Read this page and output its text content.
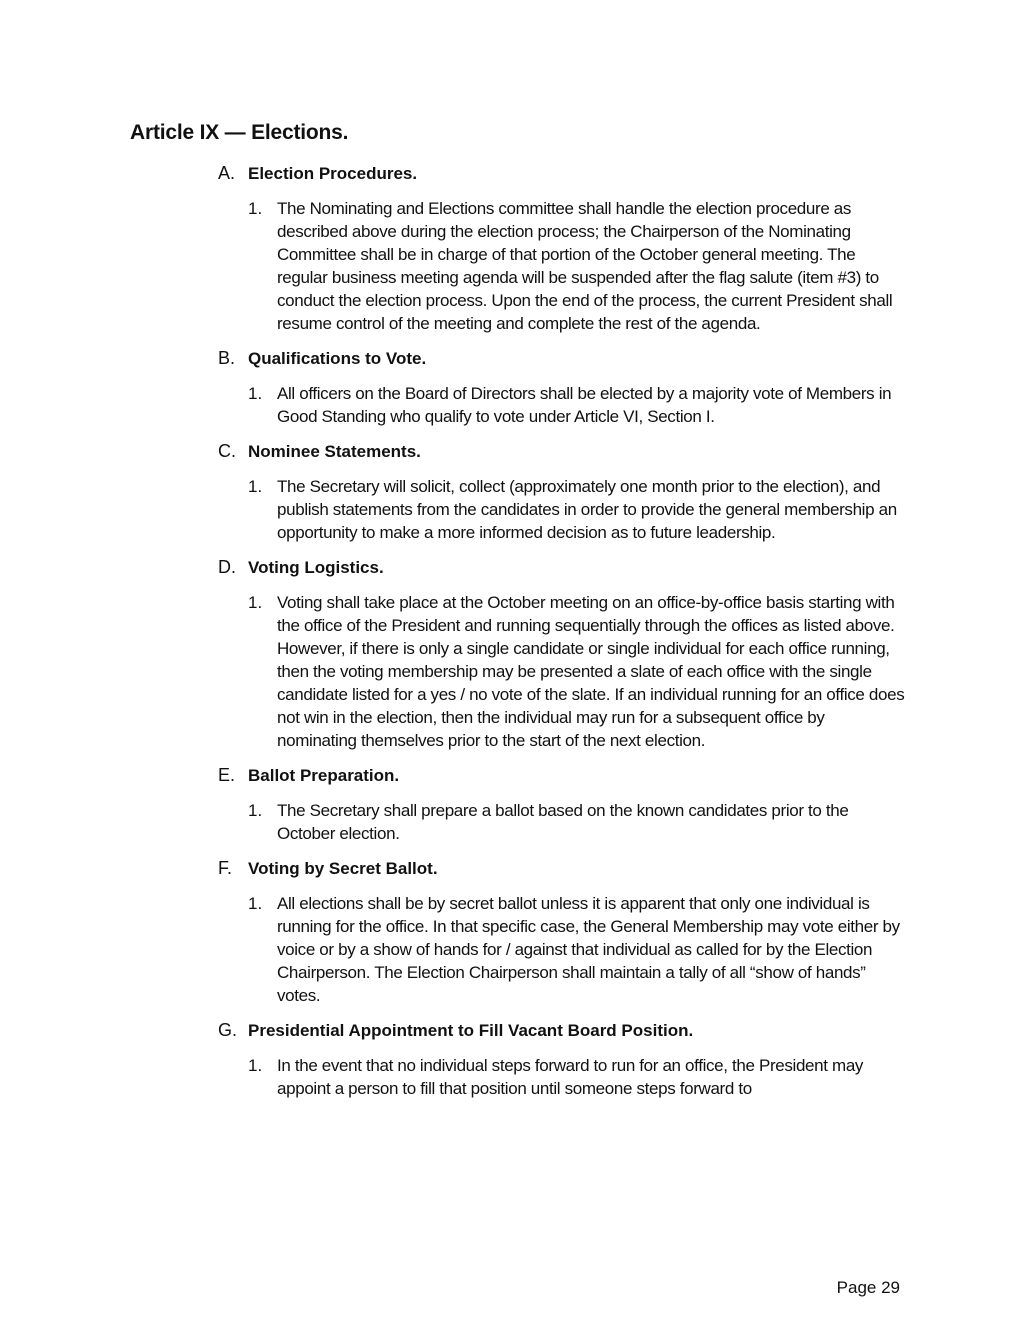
Article IX — Elections.
A. Election Procedures.
1. The Nominating and Elections committee shall handle the election procedure as described above during the election process; the Chairperson of the Nominating Committee shall be in charge of that portion of the October general meeting. The regular business meeting agenda will be suspended after the flag salute (item #3) to conduct the election process. Upon the end of the process, the current President shall resume control of the meeting and complete the rest of the agenda.
B. Qualifications to Vote.
1. All officers on the Board of Directors shall be elected by a majority vote of Members in Good Standing who qualify to vote under Article VI, Section I.
C. Nominee Statements.
1. The Secretary will solicit, collect (approximately one month prior to the election), and publish statements from the candidates in order to provide the general membership an opportunity to make a more informed decision as to future leadership.
D. Voting Logistics.
1. Voting shall take place at the October meeting on an office-by-office basis starting with the office of the President and running sequentially through the offices as listed above. However, if there is only a single candidate or single individual for each office running, then the voting membership may be presented a slate of each office with the single candidate listed for a yes / no vote of the slate. If an individual running for an office does not win in the election, then the individual may run for a subsequent office by nominating themselves prior to the start of the next election.
E. Ballot Preparation.
1. The Secretary shall prepare a ballot based on the known candidates prior to the October election.
F. Voting by Secret Ballot.
1. All elections shall be by secret ballot unless it is apparent that only one individual is running for the office. In that specific case, the General Membership may vote either by voice or by a show of hands for / against that individual as called for by the Election Chairperson. The Election Chairperson shall maintain a tally of all “show of hands” votes.
G. Presidential Appointment to Fill Vacant Board Position.
1. In the event that no individual steps forward to run for an office, the President may appoint a person to fill that position until someone steps forward to
Page 29
